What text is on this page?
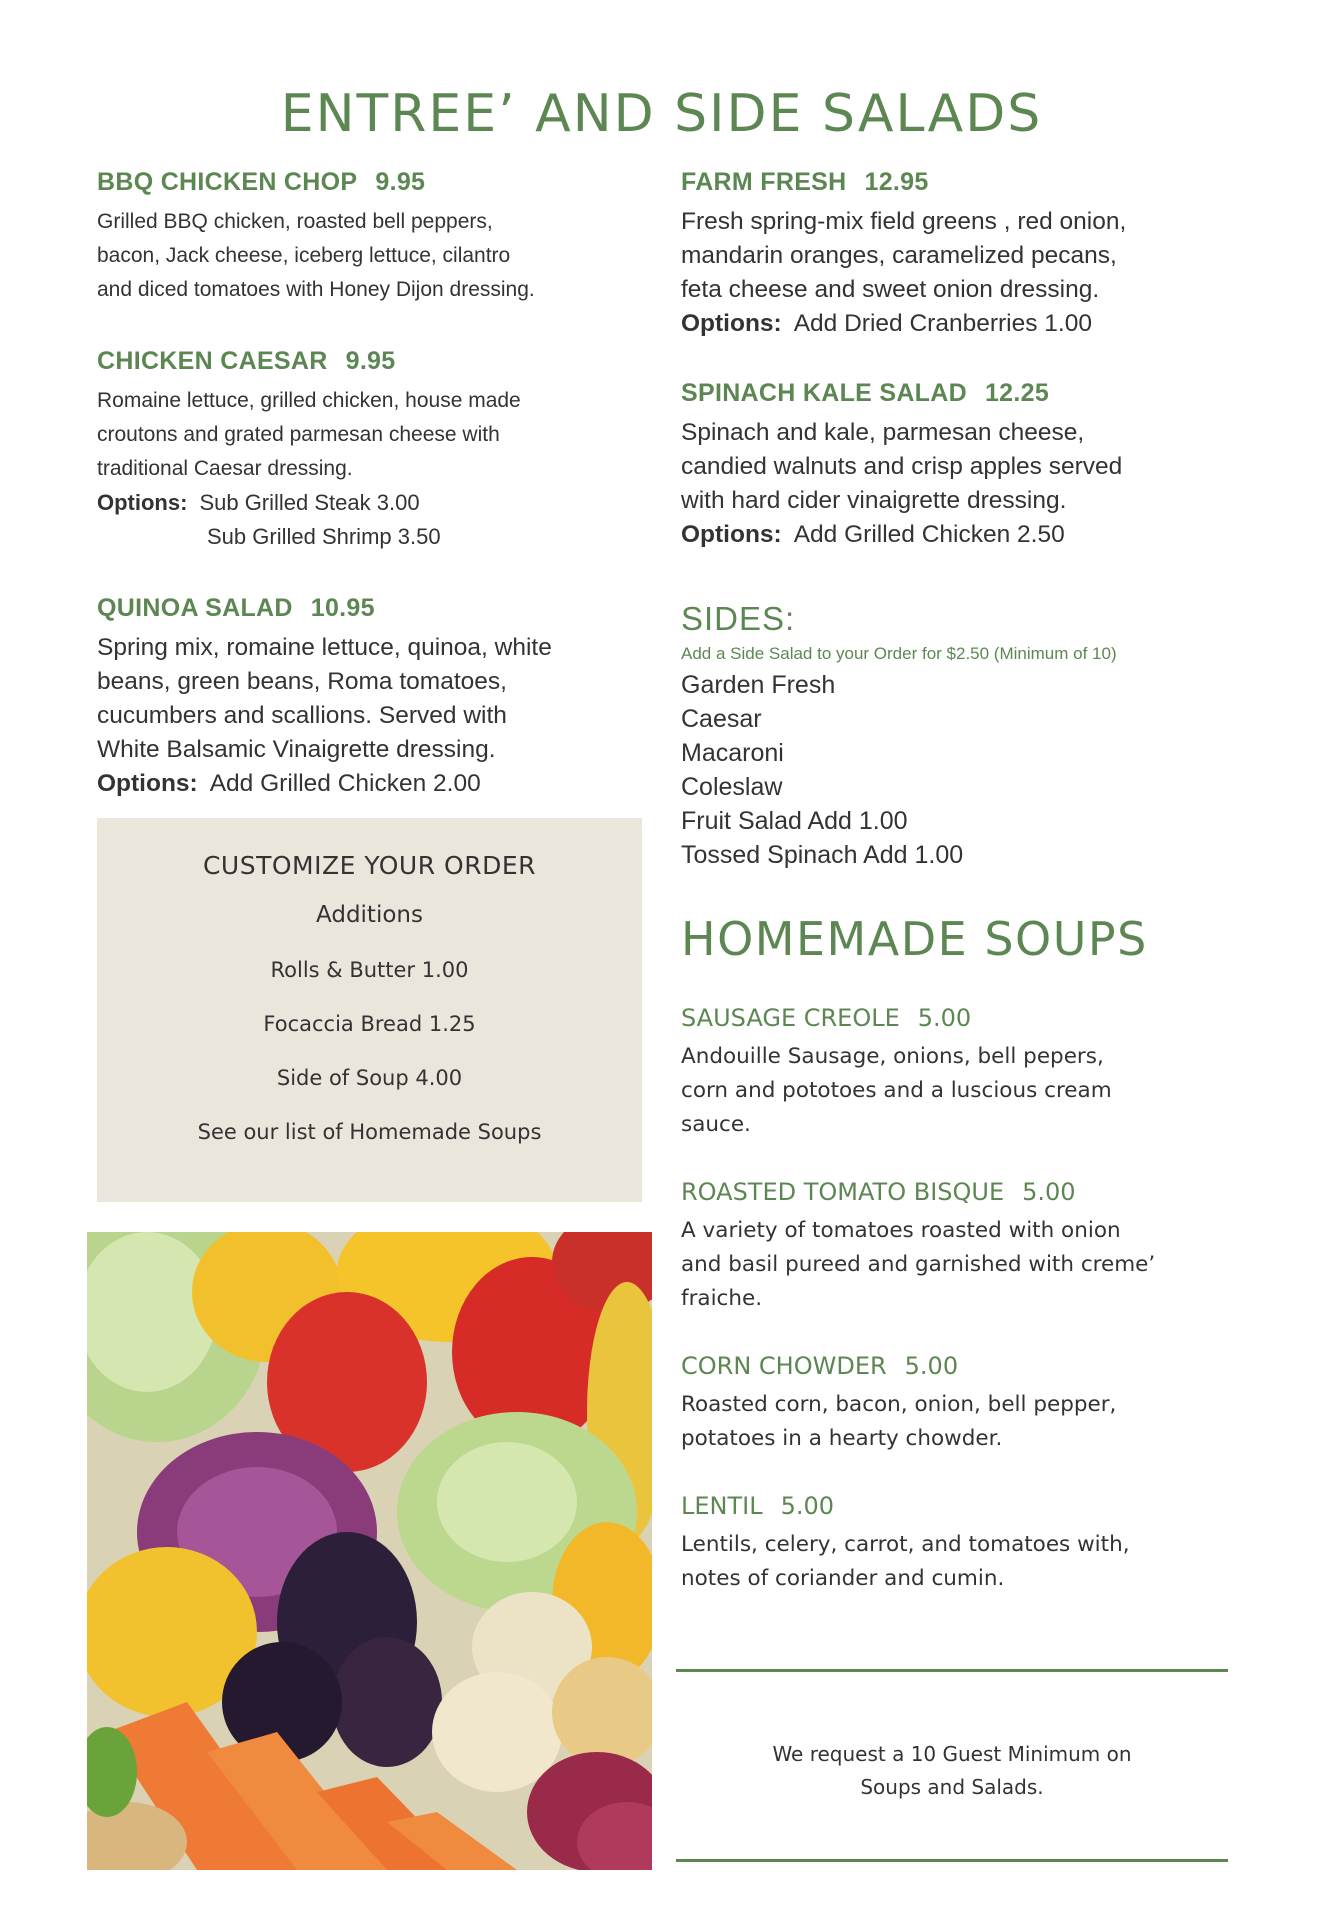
ENTREE’ AND SIDE SALADS
BBQ CHICKEN CHOP 9.95
Grilled BBQ chicken, roasted bell peppers,
bacon, Jack cheese, iceberg lettuce, cilantro
and diced tomatoes with Honey Dijon dressing.
CHICKEN CAESAR 9.95
Romaine lettuce, grilled chicken, house made
croutons and grated parmesan cheese with
traditional Caesar dressing.
Options: Sub Grilled Steak 3.00
Sub Grilled Shrimp 3.50
QUINOA SALAD 10.95
Spring mix, romaine lettuce, quinoa, white
beans, green beans, Roma tomatoes,
cucumbers and scallions. Served with
White Balsamic Vinaigrette dressing.
Options: Add Grilled Chicken 2.00
CUSTOMIZE YOUR ORDER
Additions
Rolls & Butter 1.00
Focaccia Bread 1.25
Side of Soup 4.00
See our list of Homemade Soups
FARM FRESH 12.95
Fresh spring-mix field greens , red onion,
mandarin oranges, caramelized pecans,
feta cheese and sweet onion dressing.
Options: Add Dried Cranberries 1.00
SPINACH KALE SALAD 12.25
Spinach and kale, parmesan cheese,
candied walnuts and crisp apples served
with hard cider vinaigrette dressing.
Options: Add Grilled Chicken 2.50
SIDES:
Add a Side Salad to your Order for $2.50 (Minimum of 10)
Garden Fresh
Caesar
Macaroni
Coleslaw
Fruit Salad Add 1.00
Tossed Spinach Add 1.00
HOMEMADE SOUPS
SAUSAGE CREOLE 5.00
Andouille Sausage, onions, bell pepers,
corn and pototoes and a luscious cream
sauce.
ROASTED TOMATO BISQUE 5.00
A variety of tomatoes roasted with onion
and basil pureed and garnished with creme’
fraiche.
CORN CHOWDER 5.00
Roasted corn, bacon, onion, bell pepper,
potatoes in a hearty chowder.
LENTIL 5.00
Lentils, celery, carrot, and tomatoes with,
notes of coriander and cumin.
We request a 10 Guest Minimum on
Soups and Salads.
